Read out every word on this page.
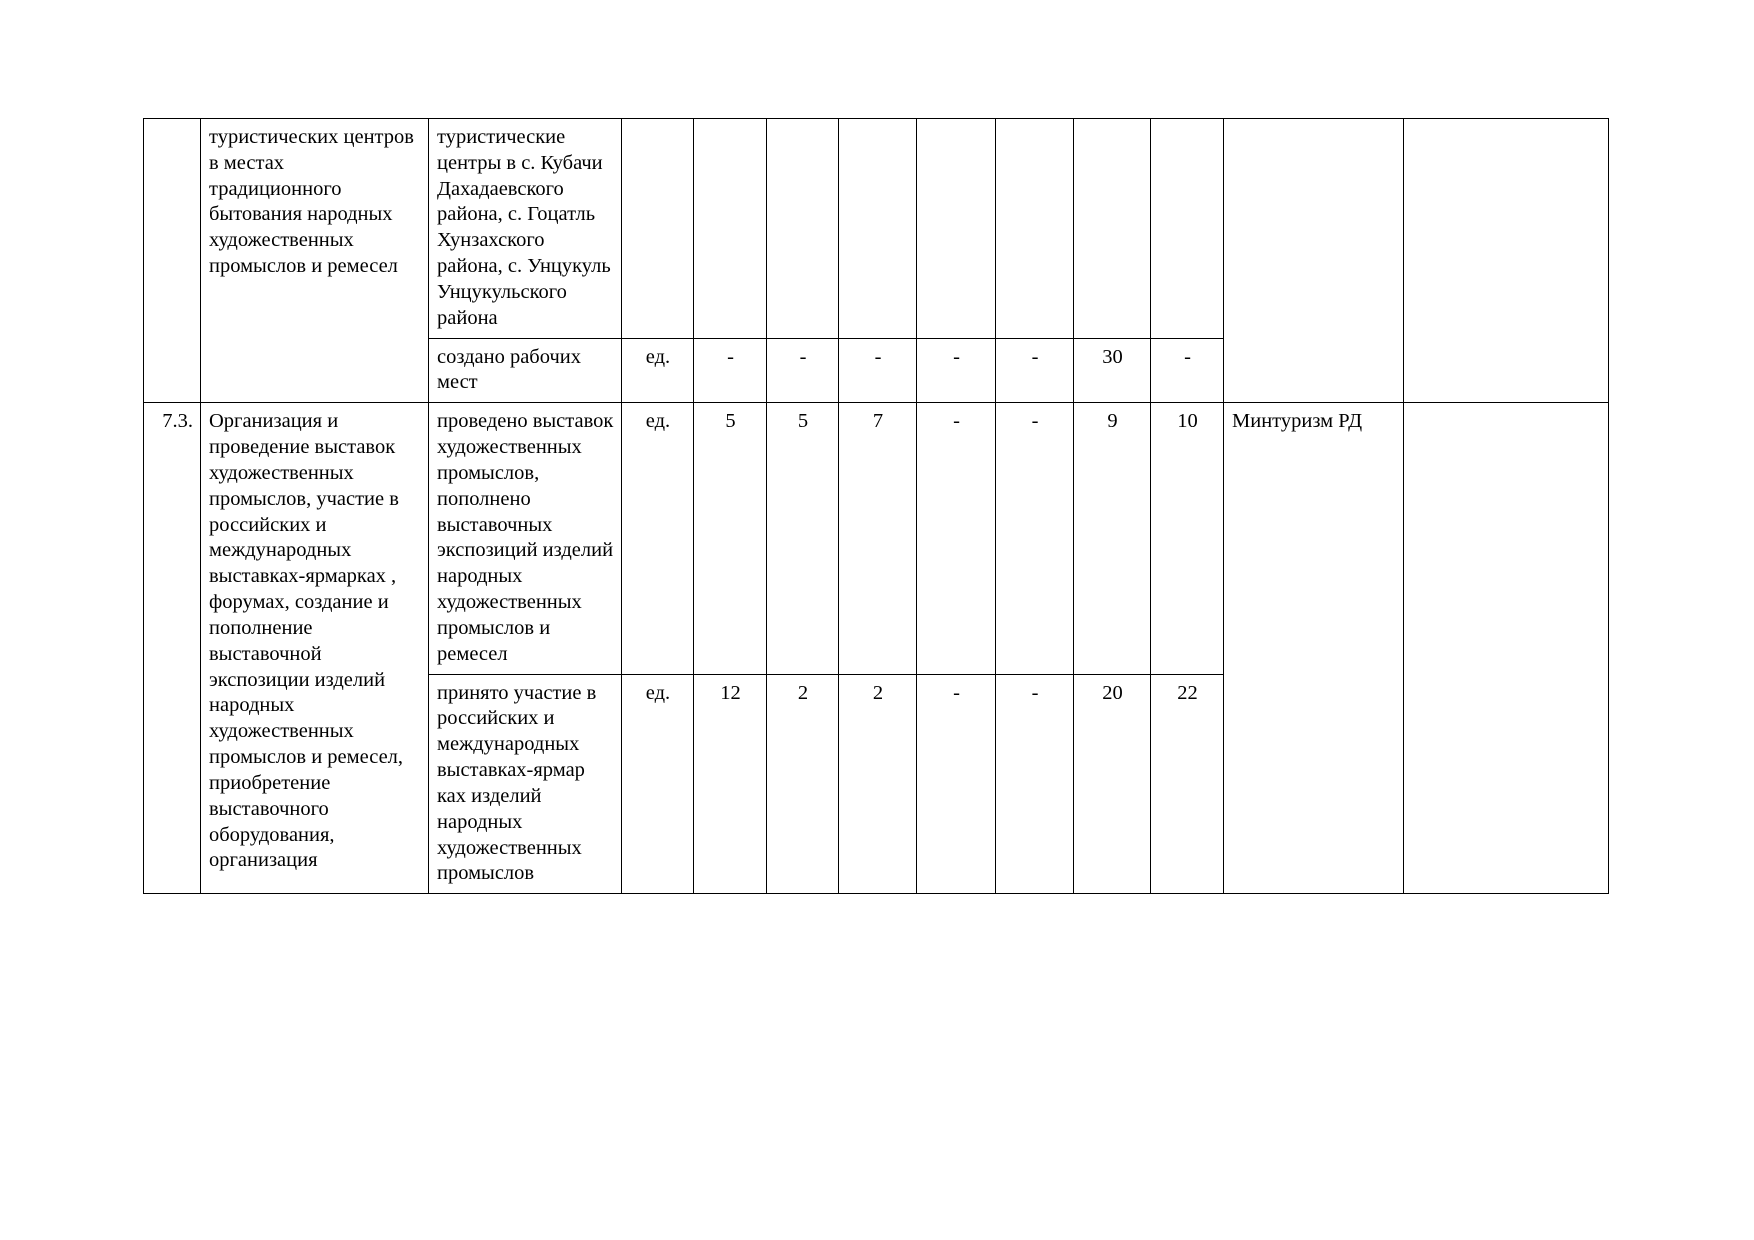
	туристических центров в местах традиционного бытования народных художественных промыслов и ремесел	туристические центры в с. Кубачи Дахадаевского района, с. Гоцатль Хунзахского района, с. Унцукуль Унцукульского района										
		создано рабочих мест	ед.	-	-	-	-	-	30	-		
7.3.	Организация и проведение выставок художественных промыслов, участие в российских и международных выставках-ярмарках , форумах, создание и пополнение выставочной экспозиции изделий народных художественных промыслов и ремесел, приобретение выставочного оборудования, организация	проведено выставок художественных промыслов, пополнено выставочных экспозиций изделий народных художественных промыслов и ремесел	ед.	5	5	7	-	-	9	10	Минтуризм РД	
		принято участие в российских и международных выставках-ярмар ках изделий народных художественных промыслов	ед.	12	2	2	-	-	20	22		
